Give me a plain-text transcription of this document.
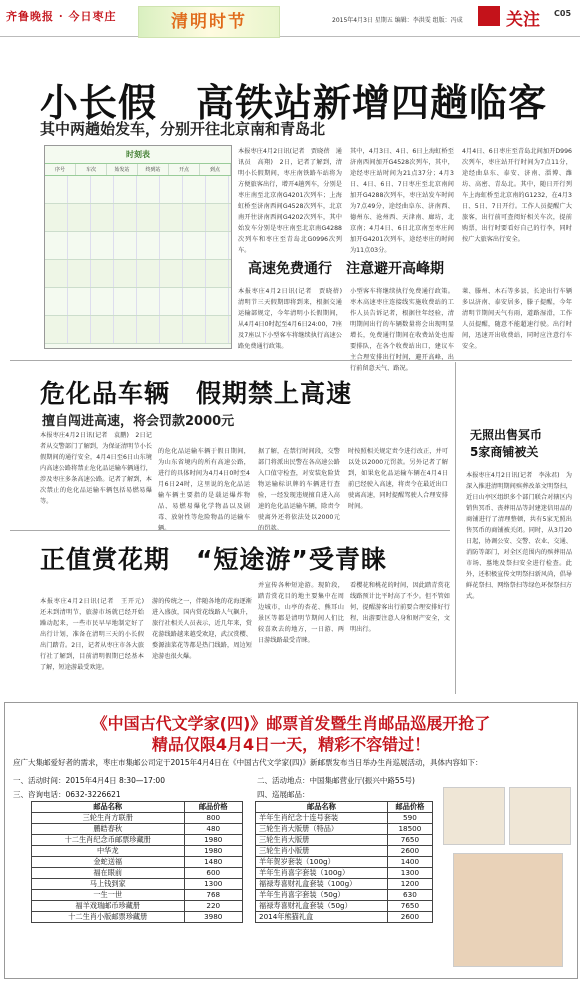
齐鲁晚报 · 今日枣庄	清明时节	2015年4月3日 星期五 编辑：李洪雯 组版：冯成	关注 C05
小长假　高铁站新增四趟临客
其中两趟始发车，分别开往北京南和青岛北
时刻表
序号	车次	始发站	终到站	开点	到点
本报枣庄4月2日讯(记者　贾晓蓓　通讯员　高翔)　2日，记者了解到，清明小长假期间，枣庄南铁路车站将为方便旅客出行，增开4趟列车，分别是枣庄南至北京南G4201次列车；上海虹桥至济南西间G4528次列车，北京南开往济南西间G4202次列车，其中始发车分别是枣庄南至北京南G4288次列车和枣庄至青岛北G0996次列车。
其中，4月3日、4日、6日上海虹桥至济南西间加开G4528次列车，其中，途经枣庄站时间为21点37分；4月3日、4日、6日、7日枣庄至北京南间加开G4288次列车，枣庄站发车时间为7点49分，途经曲阜东、济南西、德州东、沧州西、天津南、廊坊，北京南；4月4日、6日北京南至枣庄间加开G4201次列车，途经枣庄的时间为11点03分。
4月4日、6日枣庄至青岛北间加开D996次列车，枣庄站开行时间为7点11分，途经曲阜东、泰安、济南、淄博、潍坊、高密、青岛北。其中，随日开行列车上海虹桥至北京南的G1232，在4月3日、5日、7日开行。工作人员提醒广大旅客，出行前可查阅好相关车次，提前购票，出行时要看好自己的行李，同时按广大旅客出行安全。
高速免费通行　注意避开高峰期
本报枣庄4月2日讯(记者　贾晓蓓)　清明节三天假期即将到来，根据交通运输部规定，今年清明小长假期间，从4月4日0时起至4月6日24:00，7座及7座以下小型客车将继续执行高速公路免费通行政策。
小型客车将继续执行免费通行政策。枣木高速枣庄连接线实施收费站的工作人员告诉记者，根据往年经验，清明期间出行的车辆数量将会出现明显增长，免费通行期间在收费站处也需要排队，在各个收费站出口，建议车主合理安排出行时间，避开高峰，出行前留意天气、路况。
莱、滕州、木石等多县，长途出行车辆多以济南、泰安居多，滕子提醒，今年清明节期间天气有雨，道路湿滑，工作人员提醒，随意不能超速行驶。出行时间，迅速开出收费站，同时应注意行车安全。
危化品车辆　假期禁上高速
擅自闯进高速，将会罚款2000元
本报枣庄4月2日讯(记者　袁鹏)　2日记者从交警部门了解到，为保证清明节小长假期间的通行安全，4月4日至6日山东境内高速公路将禁止危化品运输车辆通行，涉及枣庄多条高速公路。记者了解到，本次禁止的危化品运输车辆包括易燃易爆等。
的危化品运输车辆于假日期间，为山东省境内的所有高速公路，进行的具体时间为4月4日0时至4月6日24时，这里说的危化品运输车辆主要指的是载运爆炸物品、易燃易爆化学物品以及剧毒、放射性等危险物品的运输车辆。
据了解，在禁行时间段，交警部门将派出民警在各高速公路入口值守检查，对安装危险货物运输标识牌的车辆进行查验，一经发现违规擅自进入高速的危化品运输车辆，除责令驶离外还将依法处以2000元的罚款。
时按照相关规定责令进行改正，并可以处以2000元罚款。另外记者了解到，如果危化品运输车辆在4月4日前已经驶入高速，将责令在最近出口驶离高速，同时提醒驾驶人合理安排时间。
无照出售冥币
5家商铺被关
本报枣庄4月2日讯(记者　李泳君)　为深入推进清明期间殡葬改革文明祭扫，近日山亭区组织多个部门联合对辖区内销售冥币、丧葬用品等封建迷信用品的商铺进行了清理整顿，共有5家无照出售冥币的商铺被关闭。同时，从3月20日起，协调公安、交警、农业、交通、消防等部门，对全区范围内的殡葬用品市场、墓地及祭扫安全进行检查。此外，还积极宣传文明祭扫新风尚，倡导鲜花祭扫、网络祭扫等绿色环保祭扫方式。
正值赏花期　“短途游”受青睐
本报枣庄4月2日讯(记者　王开元)　还未到清明节，旅游市场就已经开始躁动起来，一些市民早早地制定好了出行计划，准备在清明三天的小长假出门踏青。2日，记者从枣庄市各大旅行社了解到，目前清明假期已经基本了解，短途游最受欢迎。
游的传统之一，伴随各地的花海逐渐进入盛放，国内赏花线路人气飙升，旅行社相关人员表示，近几年来，赏花游线路越来越受欢迎，武汉赏樱、婺源油菜花等都是热门线路，周边短途游也很火爆。
并宣传各种短途游。现阶段，踏青赏花目的地主要集中在周边城市，山亭的杏花、熊耳山景区等都是清明节期间人们比较喜欢去的地方，一日游、两日游线路最受青睐。
看樱花和桃花的时间，因此踏青赏花线路预计比平时高了不少。但不管如何，提醒游客出行前要合理安排好行程，出游要注意人身和财产安全，文明出行。
《中国古代文学家(四)》邮票首发暨生肖邮品巡展开抢了
精品仅限4月4日一天，精彩不容错过！
应广大集邮爱好者的需求，枣庄市集邮公司定于2015年4月4日在《中国古代文学家(四)》新邮票发布当日举办生肖巡展活动，具体内容如下：
一、活动时间：2015年4月4日 8:30—17:00	二、活动地点：中国集邮营业厅(振兴中路55号)
三、咨询电话：0632-3226621	四、巡展邮品：
邮品名称	邮品价格
三轮生肖方联册	800
鹏皓春秋	480
十二生肖纪念币邮票珍藏册	1980
中华龙	1980
金蛇送福	1480
福在眼前	600
马上钱到家	1300
一生一世	768
福羊戏瑞邮币珍藏册	220
十二生肖小版邮票珍藏册	3980
邮品名称	邮品价格
羊年生肖纪念十连号套装	590
三轮生肖大版册（特品）	18500
三轮生肖大版册	7650
三轮生肖小版册	2600
羊年贺岁套装（100g）	1400
羊年生肖喜字套装（100g）	1300
福禄寿喜财礼盒套装（100g）	1200
羊年生肖喜字套装（50g）	630
福禄寿喜财礼盒套装（50g）	7650
2014年熊猫礼盒	2600
